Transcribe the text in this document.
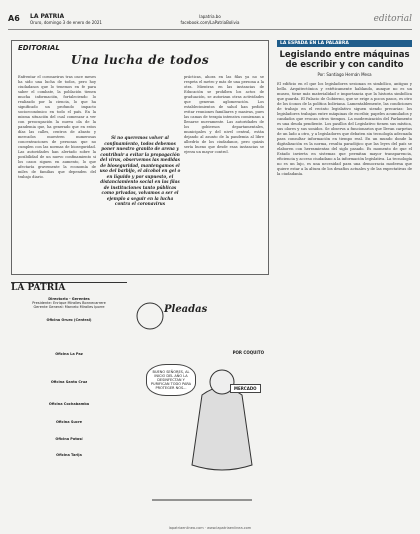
A6 LA PATRIA
Oruro, domingo 3 de enero de 2021
lapatria.bo
facebook.com/LaPatriaBolivia	editorial
EDITORIAL
Una lucha de todos
Enfrentar el coronavirus tras once meses ha sido una lucha de todos, pero hoy ciudadanos que lo tenemos en fe para saber el combate, la población tienen mucha información, fortaleciendo lo realizado por la ciencia, lo que ha significado un profundo impacto socioeconómico en todo el país. En la misma situación del cual comenzar a ver con preocupación la nueva ola de la pandemia que, ha generado que en estos días las calles, centros de abasto y mercados muestren numerosas concentraciones de personas que no cumplen con las normas de bioseguridad. Las autoridades han alertado sobre la posibilidad de un nuevo confinamiento si los casos siguen en aumento, lo que afectaría gravemente la economía de miles de familias que dependen del trabajo diario.
Si no queremos volver al confinamiento, todos debemos poner nuestro granito de arena y contribuir a evitar la propagación del virus, observemos las medidas de bioseguridad, mantengamos el uso del barbijo, el alcohol en gel o en líquido y por supuesto, el distanciamiento social en las filas de instituciones tanto públicas como privadas, volvamos a ser el ejemplo a seguir en la lucha contra el coronavirus
prácticas, ahora en las filas ya no se respeta el metro y más de una persona a la otra. Mientras en las instancias de Educación se prohíben los actos de graduación, se autorizan otras actividades que generan aglomeración. Los establecimientos de salud han pedido evitar reuniones familiares y masivas, pues las camas de terapia intensiva comienzan a llenarse nuevamente. Las autoridades de los gobiernos departamentales, municipales y del nivel central, están dejando al asunto de la pandemia al libre albedrío de los ciudadanos, pero quizás sería bueno que desde esas instancias se ejerza un mayor control.
LA ESPADA EN LA PALABRA
Legislando entre máquinas de escribir y con candito
Por: Santiago Hernán Mesa
El edificio en el que los legisladores sesionan es simbólico, antiguo y bello. Arquitectónica y estéticamente hablando, aunque no es un museo, tiene más materialidad e importancia que la historia simbólica que guarda. El Palacio de Gobierno, que se erige a pocos pasos, es otro de los íconos de la política boliviana. Lamentablemente, las condiciones de trabajo en el recinto legislativo siguen siendo precarias: los legisladores trabajan entre máquinas de escribir, papeles acumulados y candados que evocan otros tiempos. La modernización del Parlamento es una deuda pendiente. Los pasillos del Legislativo tienen sus mística, sus olores y sus sonidos. Se observa a funcionarios que llevan carpetas de un lado a otro, y a legisladores que debaten sin tecnología adecuada para consultar información en tiempo real. En un mundo donde la digitalización es la norma, resulta paradójico que las leyes del país se elaboren con herramientas del siglo pasado. Es momento de que el Estado invierta en sistemas que permitan mayor transparencia, eficiencia y acceso ciudadano a la información legislativa. La tecnología no es un lujo, es una necesidad para una democracia moderna que quiere estar a la altura de los desafíos actuales y de las expectativas de la ciudadanía.
LA PATRIA
Directorio - Gerentes
Presidente: Enrique Miralles Bonnecarrere
Gerente General: Marcelo Miralles Iporre
Oficina Oruro (Central)
Oficina La Paz
Oficina Santa Cruz
Oficina Cochabamba
Oficina Sucre
Oficina Potosí
Oficina Tarija
Pleadas
POR COQUITO
BUENO SEÑORES, AL INICIO DEL AÑO LA DESINFECTAN Y PURIFICAN TODO PARA PROTEGER NOS...	MERCADO
lapatriaenlinea.com · www.lapatriaenlinea.com
